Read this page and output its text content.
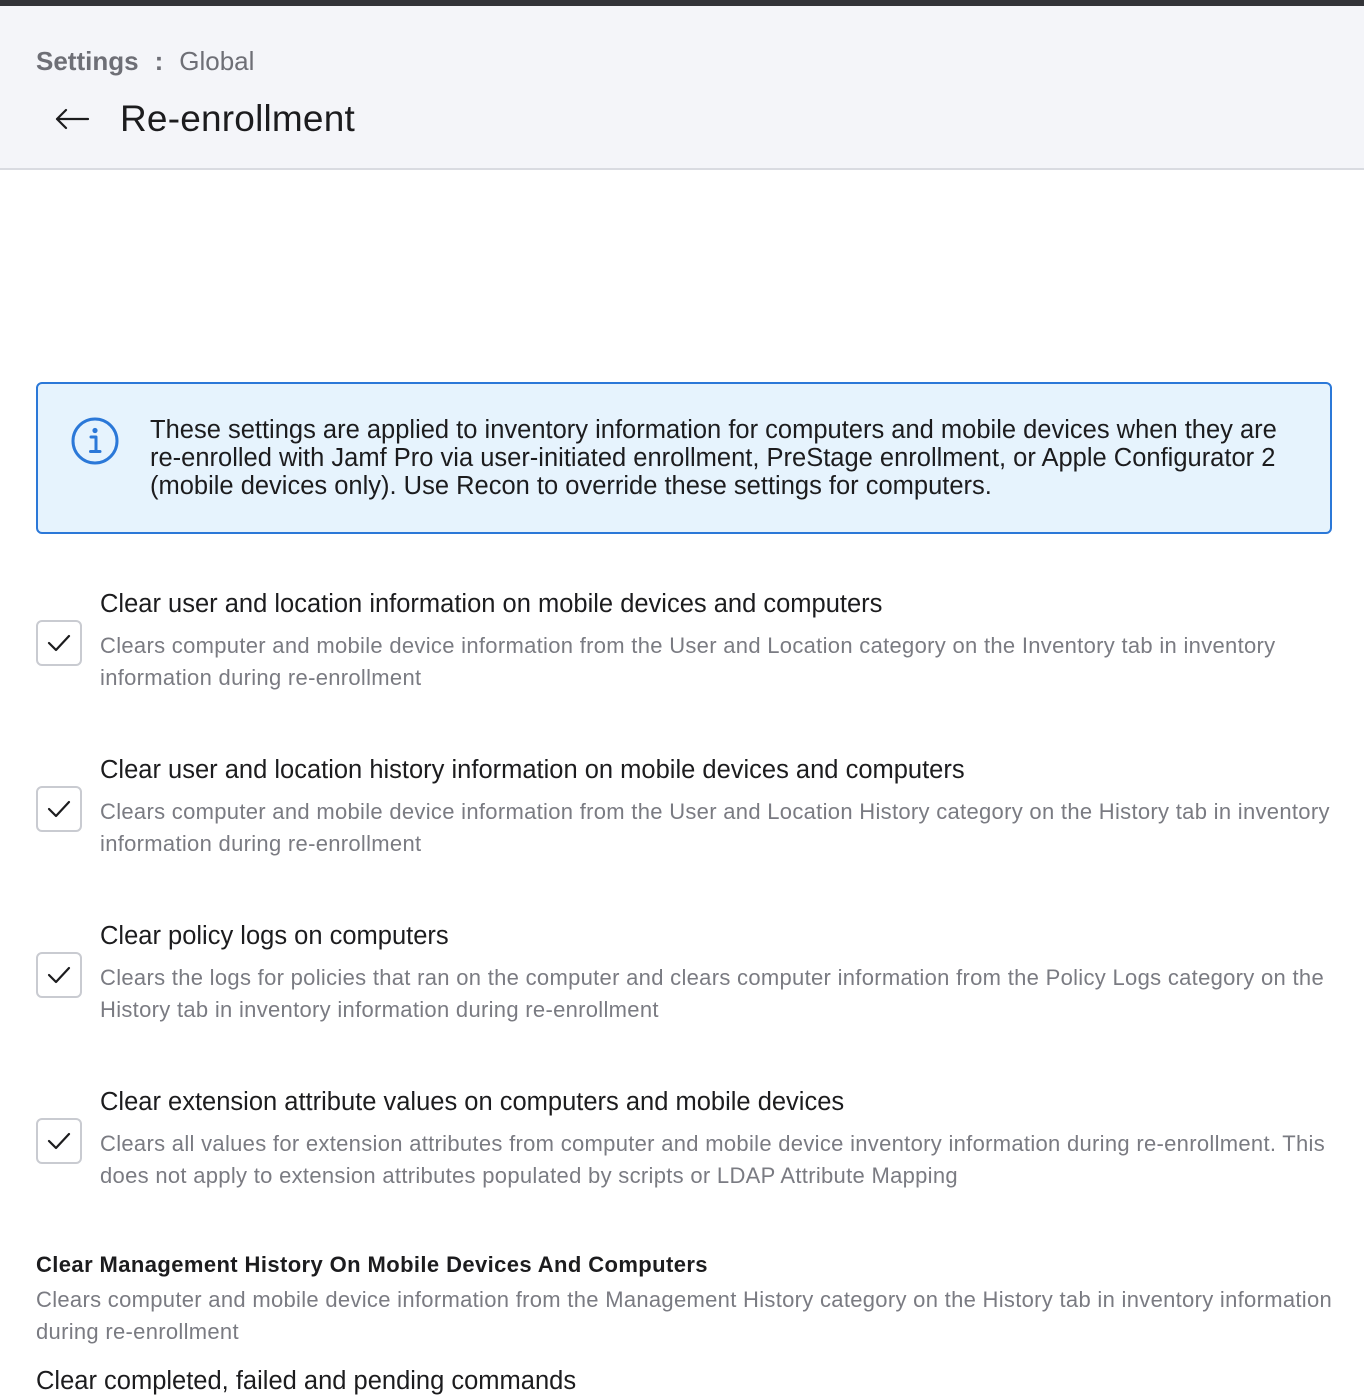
Settings : Global
Re-enrollment
These settings are applied to inventory information for computers and mobile devices when they are re-enrolled with Jamf Pro via user-initiated enrollment, PreStage enrollment, or Apple Configurator 2 (mobile devices only). Use Recon to override these settings for computers.
Clear user and location information on mobile devices and computers
Clears computer and mobile device information from the User and Location category on the Inventory tab in inventory information during re-enrollment
Clear user and location history information on mobile devices and computers
Clears computer and mobile device information from the User and Location History category on the History tab in inventory information during re-enrollment
Clear policy logs on computers
Clears the logs for policies that ran on the computer and clears computer information from the Policy Logs category on the History tab in inventory information during re-enrollment
Clear extension attribute values on computers and mobile devices
Clears all values for extension attributes from computer and mobile device inventory information during re-enrollment. This does not apply to extension attributes populated by scripts or LDAP Attribute Mapping
Clear Management History On Mobile Devices And Computers
Clears computer and mobile device information from the Management History category on the History tab in inventory information during re-enrollment
Clear completed, failed and pending commands
